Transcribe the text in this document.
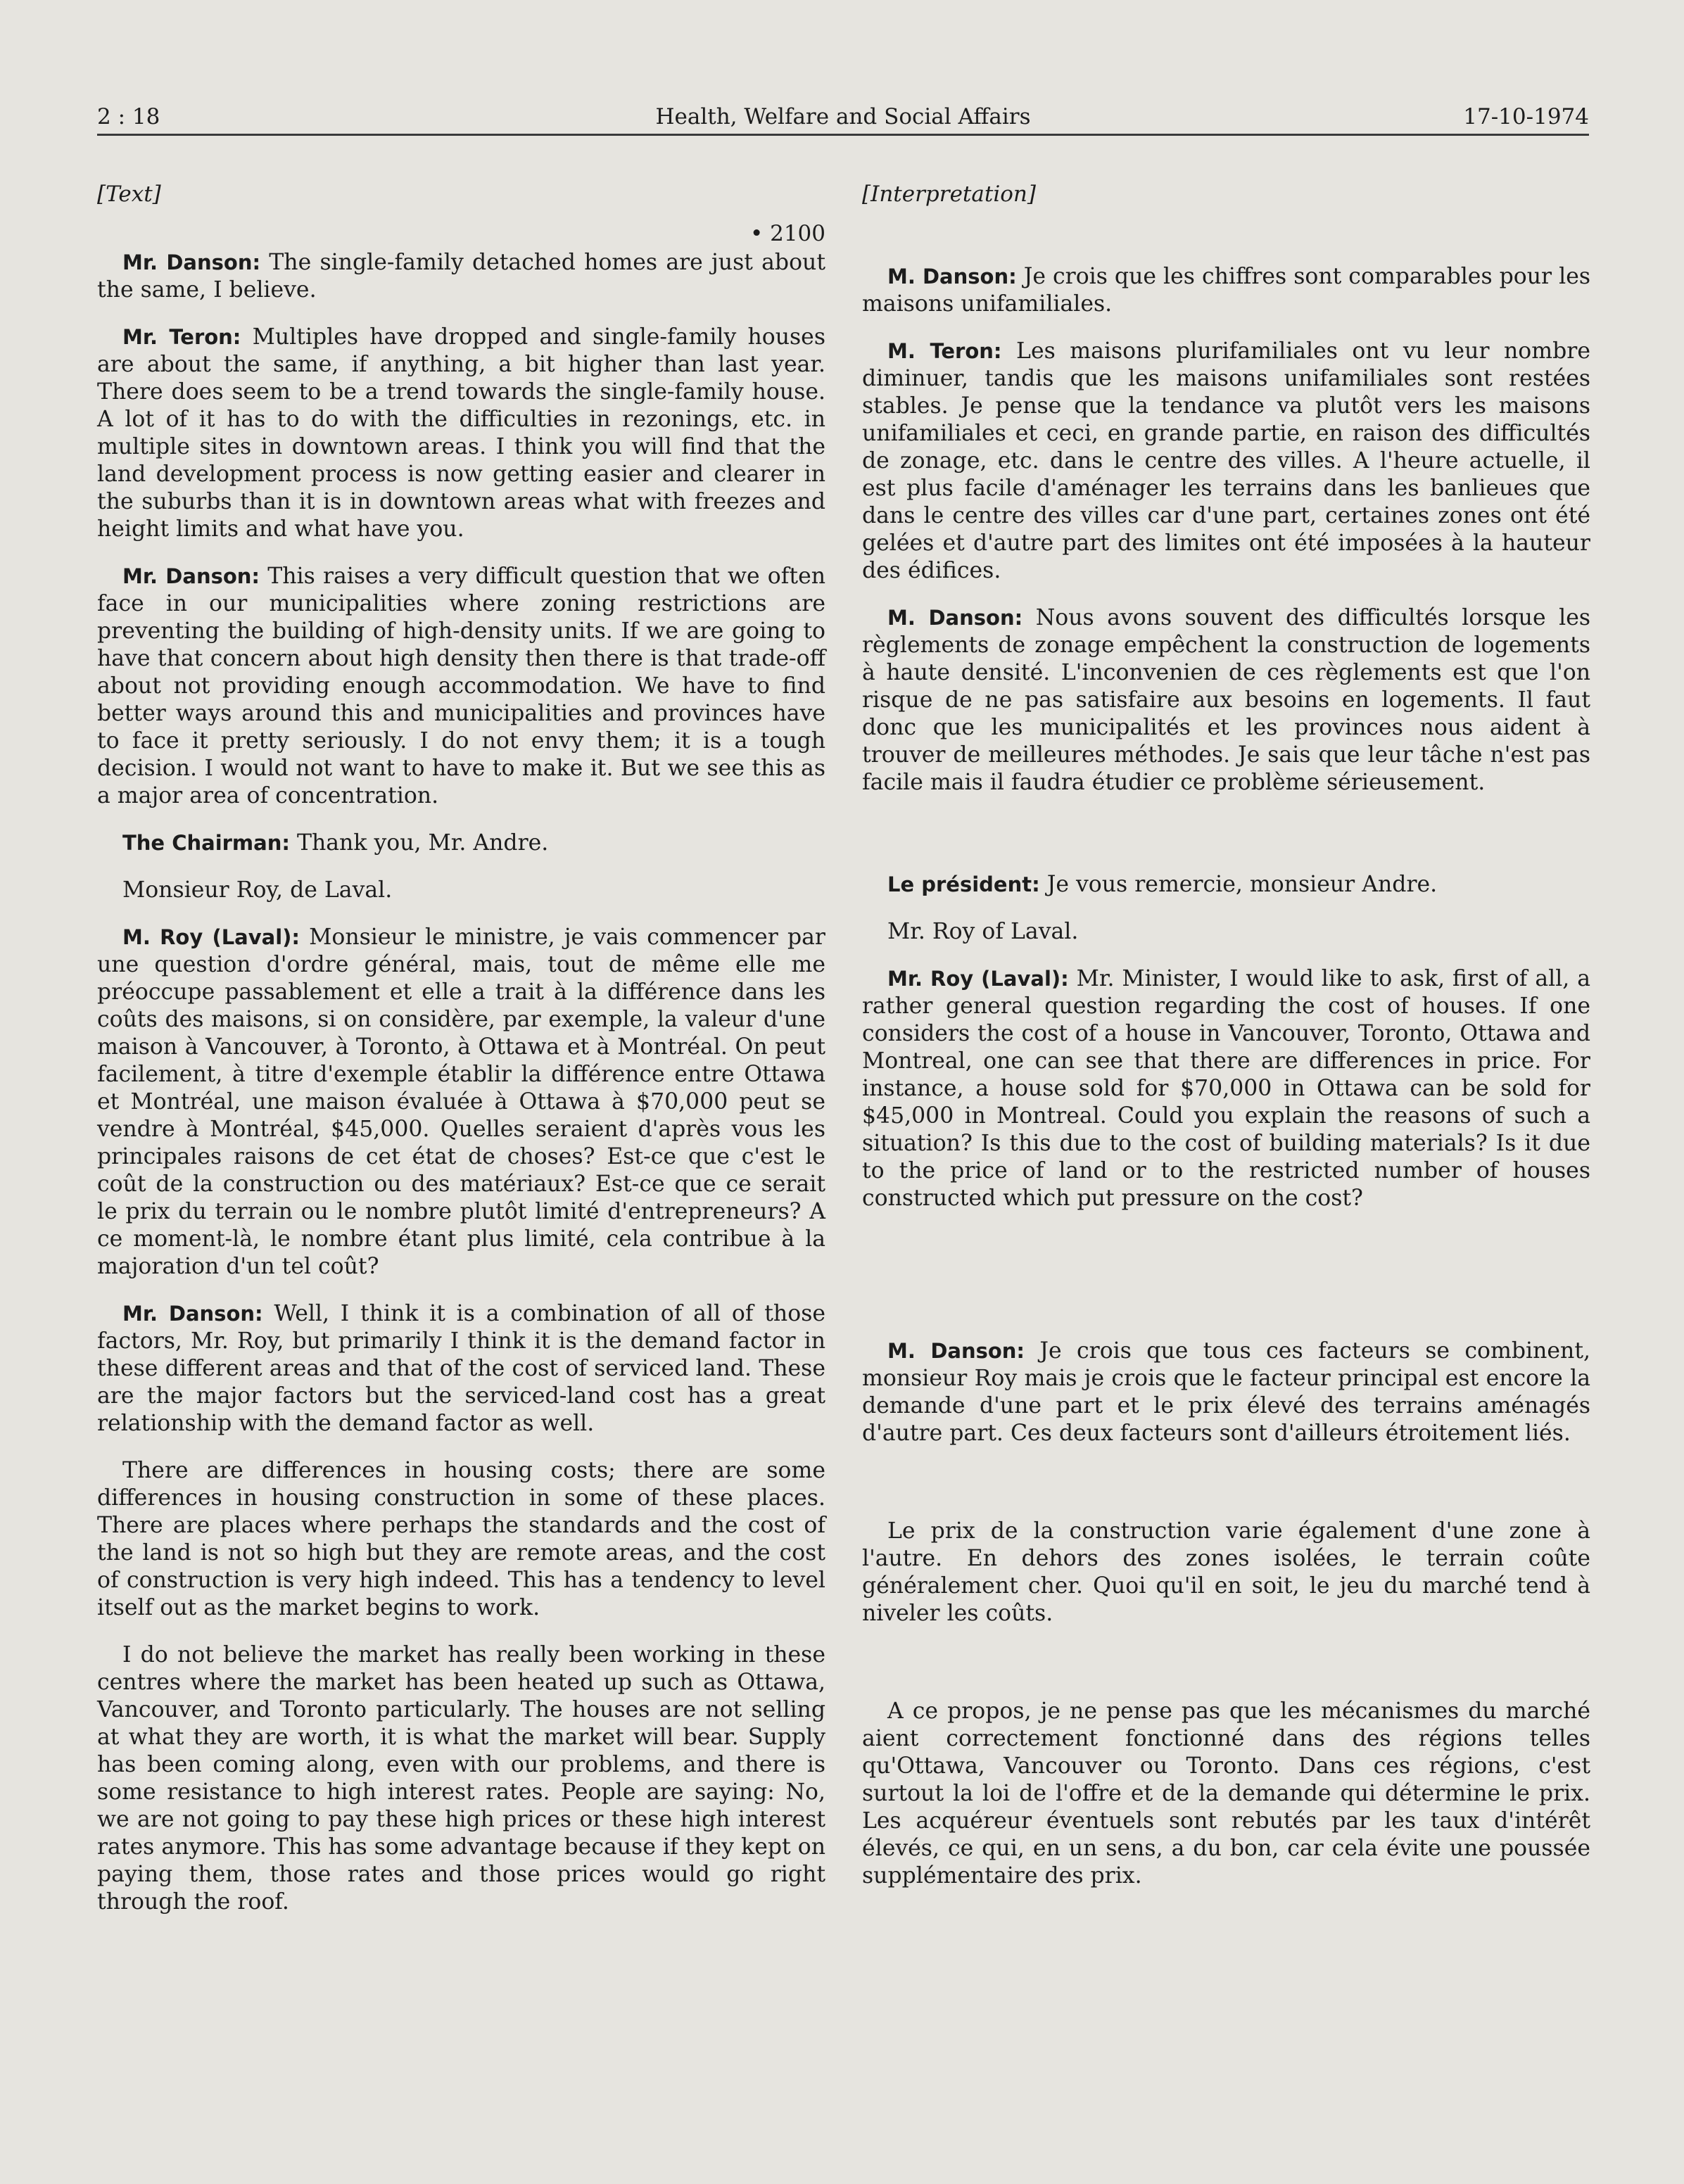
2 : 18	Health, Welfare and Social Affairs	17-10-1974
[Text]
• 2100

Mr. Danson: The single-family detached homes are just about the same, I believe.

Mr. Teron: Multiples have dropped and single-family houses are about the same, if anything, a bit higher than last year. There does seem to be a trend towards the single-family house. A lot of it has to do with the difficulties in rezonings, etc. in multiple sites in downtown areas. I think you will find that the land development process is now getting easier and clearer in the suburbs than it is in downtown areas what with freezes and height limits and what have you.

Mr. Danson: This raises a very difficult question that we often face in our municipalities where zoning restrictions are preventing the building of high-density units. If we are going to have that concern about high density then there is that trade-off about not providing enough accommodation. We have to find better ways around this and municipalities and provinces have to face it pretty seriously. I do not envy them; it is a tough decision. I would not want to have to make it. But we see this as a major area of concentration.

The Chairman: Thank you, Mr. Andre.

Monsieur Roy, de Laval.

M. Roy (Laval): Monsieur le ministre, je vais commencer par une question d'ordre général, mais, tout de même elle me préoccupe passablement et elle a trait à la différence dans les coûts des maisons, si on considère, par exemple, la valeur d'une maison à Vancouver, à Toronto, à Ottawa et à Montréal. On peut facilement, à titre d'exemple établir la différence entre Ottawa et Montréal, une maison évaluée à Ottawa à $70,000 peut se vendre à Montréal, $45,000. Quelles seraient d'après vous les principales raisons de cet état de choses? Est-ce que c'est le coût de la construction ou des matériaux? Est-ce que ce serait le prix du terrain ou le nombre plutôt limité d'entrepreneurs? A ce moment-là, le nombre étant plus limité, cela contribue à la majoration d'un tel coût?

Mr. Danson: Well, I think it is a combination of all of those factors, Mr. Roy, but primarily I think it is the demand factor in these different areas and that of the cost of serviced land. These are the major factors but the serviced-land cost has a great relationship with the demand factor as well.

There are differences in housing costs; there are some differences in housing construction in some of these places. There are places where perhaps the standards and the cost of the land is not so high but they are remote areas, and the cost of construction is very high indeed. This has a tendency to level itself out as the market begins to work.

I do not believe the market has really been working in these centres where the market has been heated up such as Ottawa, Vancouver, and Toronto particularly. The houses are not selling at what they are worth, it is what the market will bear. Supply has been coming along, even with our problems, and there is some resistance to high interest rates. People are saying: No, we are not going to pay these high prices or these high interest rates anymore. This has some advantage because if they kept on paying them, those rates and those prices would go right through the roof.

[Interpretation]

M. Danson: Je crois que les chiffres sont comparables pour les maisons unifamiliales.

M. Teron: Les maisons plurifamiliales ont vu leur nombre diminuer, tandis que les maisons unifamiliales sont restées stables. Je pense que la tendance va plutôt vers les maisons unifamiliales et ceci, en grande partie, en raison des difficultés de zonage, etc. dans le centre des villes. A l'heure actuelle, il est plus facile d'aménager les terrains dans les banlieues que dans le centre des villes car d'une part, certaines zones ont été gelées et d'autre part des limites ont été imposées à la hauteur des édifices.

M. Danson: Nous avons souvent des difficultés lorsque les règlements de zonage empêchent la construction de logements à haute densité. L'inconvenien de ces règlements est que l'on risque de ne pas satisfaire aux besoins en logements. Il faut donc que les municipalités et les provinces nous aident à trouver de meilleures méthodes. Je sais que leur tâche n'est pas facile mais il faudra étudier ce problème sérieusement.

Le président: Je vous remercie, monsieur Andre.

Mr. Roy of Laval.

Mr. Roy (Laval): Mr. Minister, I would like to ask, first of all, a rather general question regarding the cost of houses. If one considers the cost of a house in Vancouver, Toronto, Ottawa and Montreal, one can see that there are differences in price. For instance, a house sold for $70,000 in Ottawa can be sold for $45,000 in Montreal. Could you explain the reasons of such a situation? Is this due to the cost of building materials? Is it due to the price of land or to the restricted number of houses constructed which put pressure on the cost?

M. Danson: Je crois que tous ces facteurs se combinent, monsieur Roy mais je crois que le facteur principal est encore la demande d'une part et le prix élevé des terrains aménagés d'autre part. Ces deux facteurs sont d'ailleurs étroitement liés.

Le prix de la construction varie également d'une zone à l'autre. En dehors des zones isolées, le terrain coûte généralement cher. Quoi qu'il en soit, le jeu du marché tend à niveler les coûts.

A ce propos, je ne pense pas que les mécanismes du marché aient correctement fonctionné dans des régions telles qu'Ottawa, Vancouver ou Toronto. Dans ces régions, c'est surtout la loi de l'offre et de la demande qui détermine le prix. Les acquéreur éventuels sont rebutés par les taux d'intérêt élevés, ce qui, en un sens, a du bon, car cela évite une poussée supplémentaire des prix.
